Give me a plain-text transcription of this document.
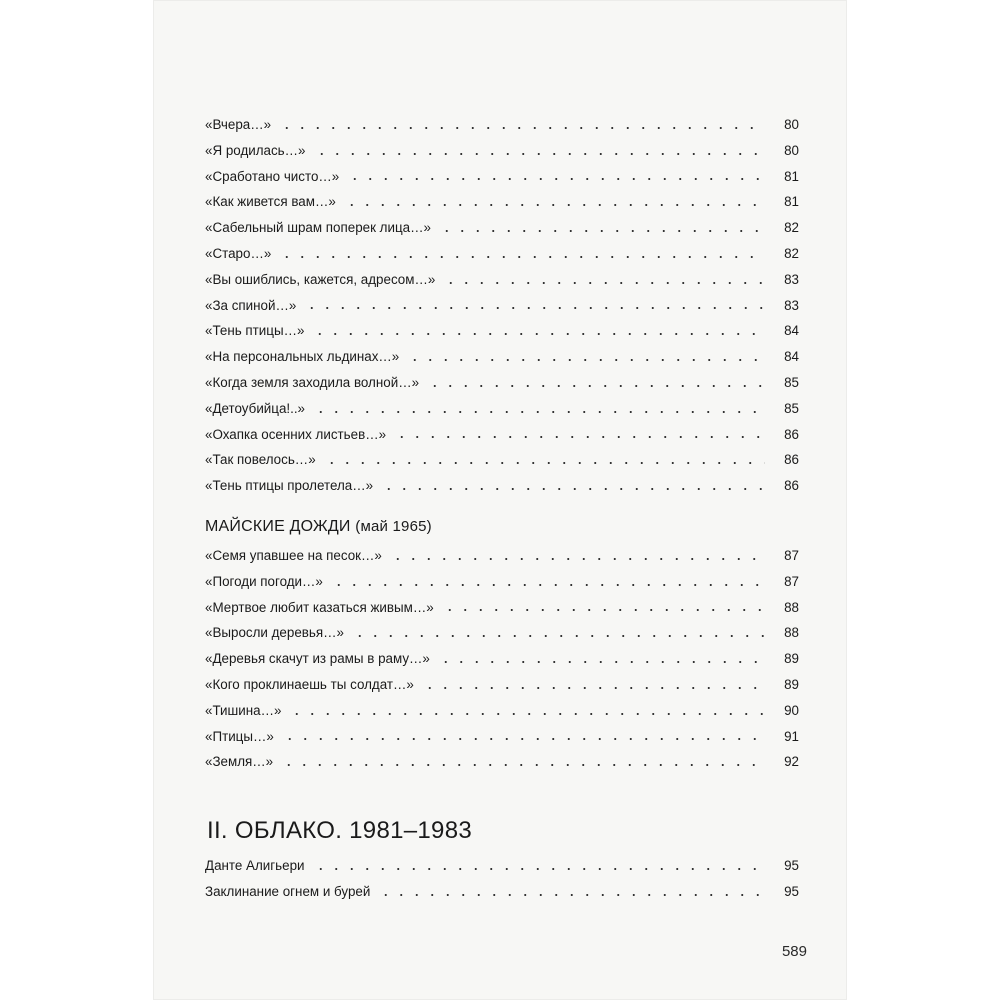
«Вчера…»	80
«Я родилась…»	80
«Сработано чисто…»	81
«Как живется вам…»	81
«Сабельный шрам поперек лица…»	82
«Старо…»	82
«Вы ошиблись, кажется, адресом…»	83
«За спиной…»	83
«Тень птицы…»	84
«На персональных льдинах…»	84
«Когда земля заходила волной…»	85
«Детоубийца!..»	85
«Охапка осенних листьев…»	86
«Так повелось…»	86
«Тень птицы пролетела…»	86
МАЙСКИЕ ДОЖДИ (май 1965)
«Семя упавшее на песок…»	87
«Погоди погоди…»	87
«Мертвое любит казаться живым…»	88
«Выросли деревья…»	88
«Деревья скачут из рамы в раму…»	89
«Кого проклинаешь ты солдат…»	89
«Тишина…»	90
«Птицы…»	91
«Земля…»	92
II. ОБЛАКО. 1981–1983
Данте Алигьери	95
Заклинание огнем и бурей	95
589
